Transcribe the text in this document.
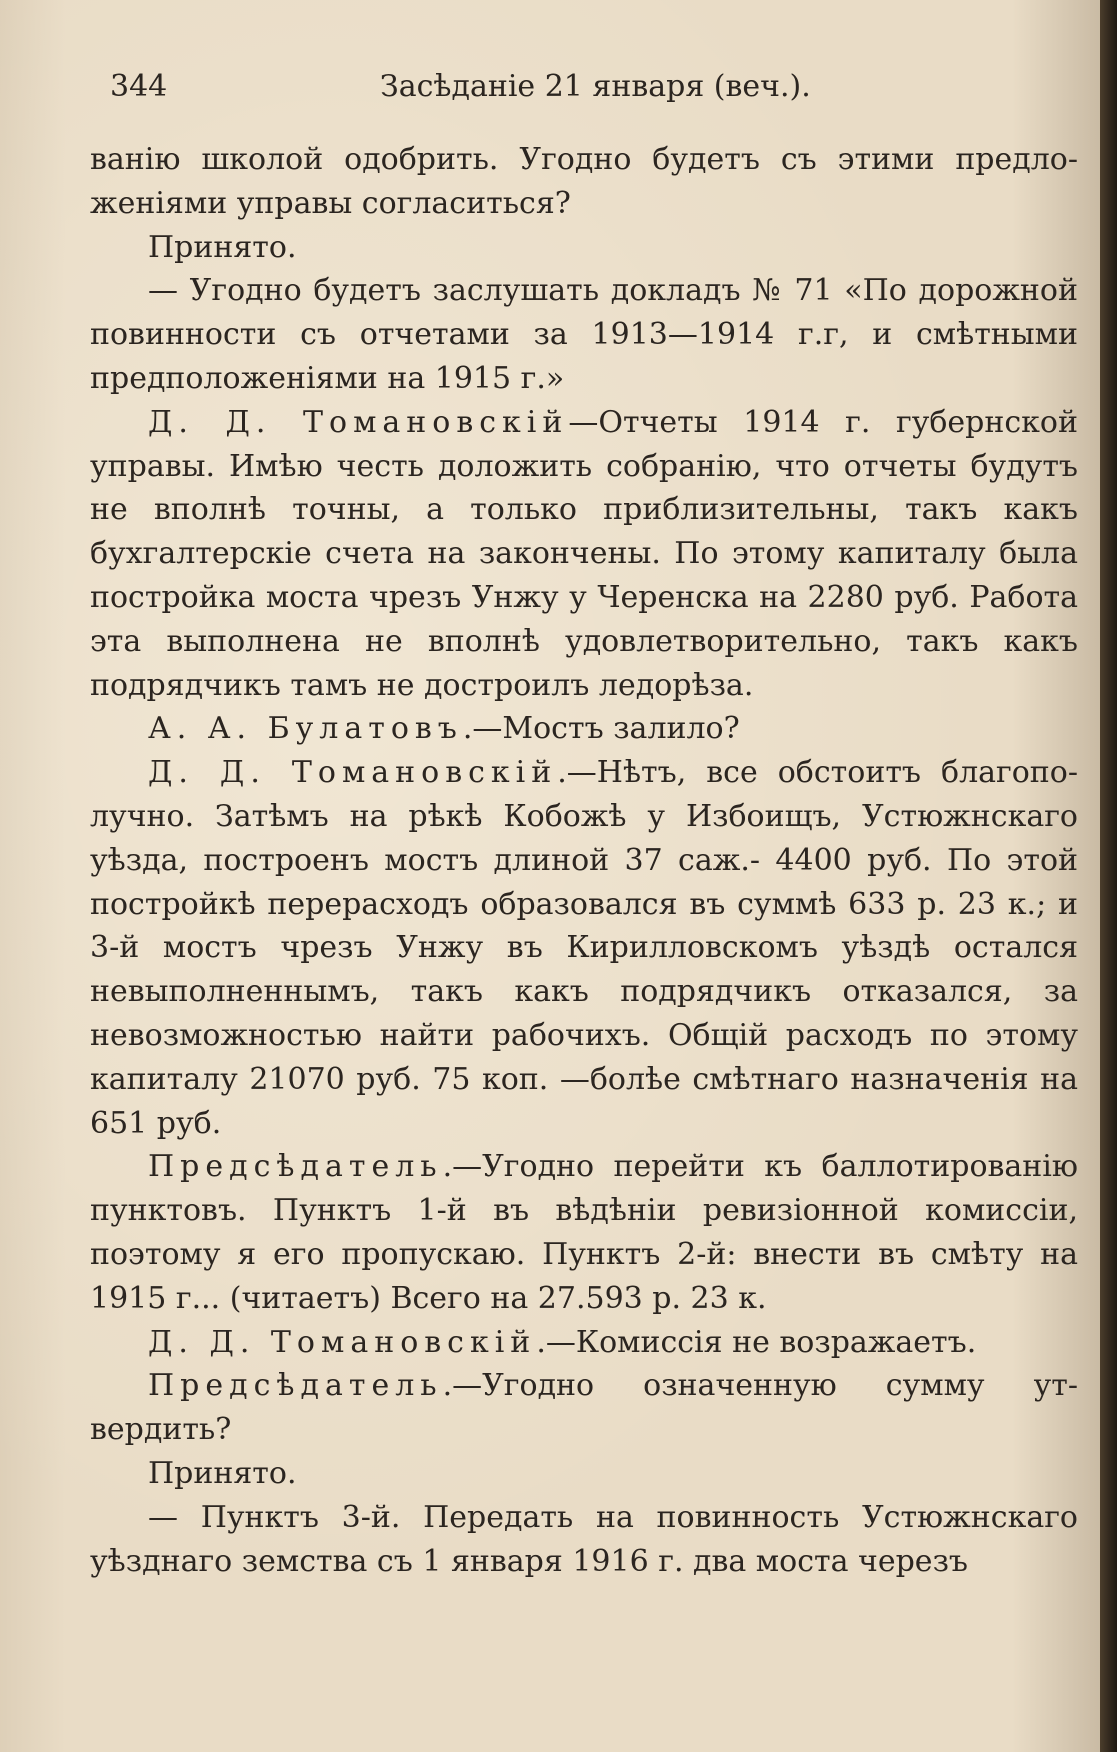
344	Засѣданіе 21 января (веч.).

ванію школой одобрить. Угодно будетъ съ этими предложеніями управы согласиться?

Принято.

— Угодно будетъ заслушать докладъ № 71 «По дорожной повинности съ отчетами за 1913—1914 г.г, и смѣтными предположеніями на 1915 г.»

Д. Д. Томановскій—Отчеты 1914 г. губернской управы. Имѣю честь доложить собранію, что отчеты будутъ не вполнѣ точны, а только приблизительны, такъ какъ бухгалтерскіе счета на закончены. По этому капиталу была постройка моста чрезъ Унжу у Черенска на 2280 руб. Работа эта выполнена не вполнѣ удовлетворительно, такъ какъ подрядчикъ тамъ не достроилъ ледорѣза.

А. А. Булатовъ.—Мостъ залило?

Д. Д. Томановскій.—Нѣтъ, все обстоитъ благополучно. Затѣмъ на рѣкѣ Кобожѣ у Избоищъ, Устюжнскаго уѣзда, построенъ мостъ длиной 37 саж.- 4400 руб. По этой постройкѣ перерасходъ образовался въ суммѣ 633 р. 23 к.; и 3-й мостъ чрезъ Унжу въ Кирилловскомъ уѣздѣ остался невыполненнымъ, такъ какъ подрядчикъ отказался, за невозможностью найти рабочихъ. Общій расходъ по этому капиталу 21070 руб. 75 коп. —болѣе смѣтнаго назначенія на 651 руб.

Предсѣдатель.—Угодно перейти къ баллотированію пунктовъ. Пунктъ 1-й въ вѣдѣніи ревизіонной комиссіи, поэтому я его пропускаю. Пунктъ 2-й: внести въ смѣту на 1915 г... (читаетъ) Всего на 27.593 р. 23 к.

Д. Д. Томановскій.—Комиссія не возражаетъ.

Предсѣдатель.—Угодно означенную сумму утвердить?

Принято.

— Пунктъ 3-й. Передать на повинность Устюжнскаго уѣзднаго земства съ 1 января 1916 г. два моста черезъ
